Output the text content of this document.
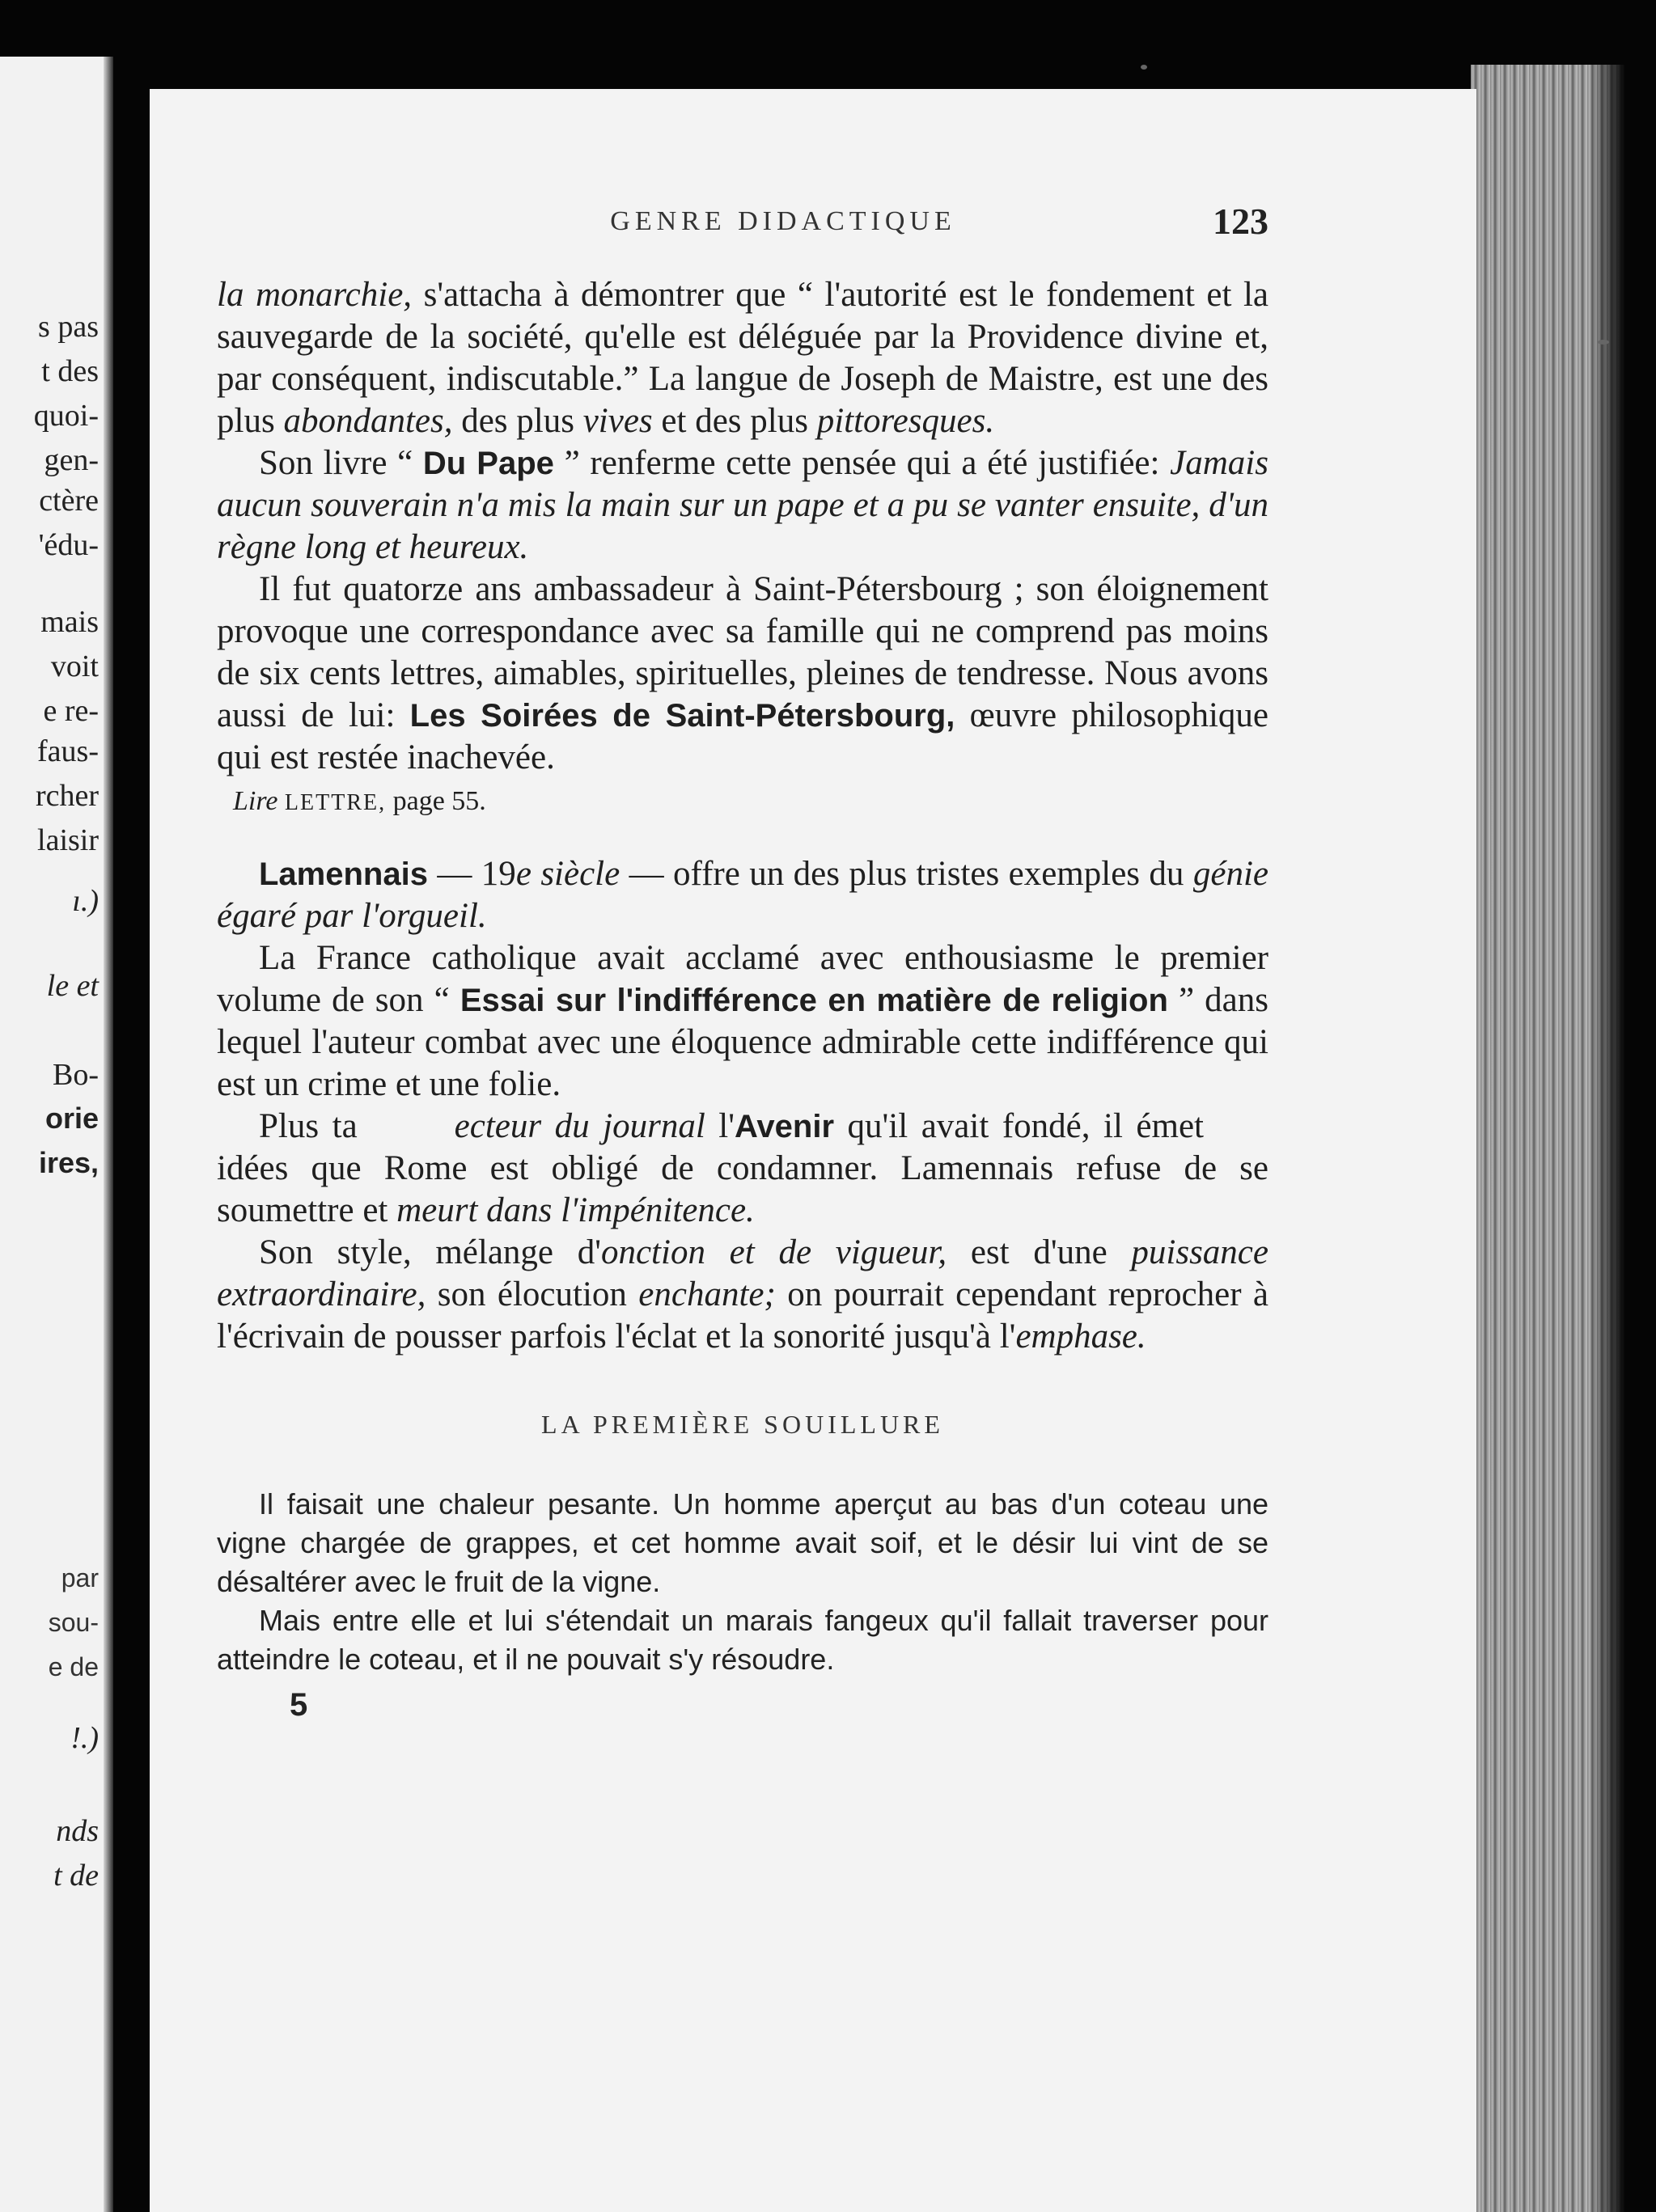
s pas
t des
quoi-
gen-
ctère
'édu-
mais
voit
e re-
faus-
rcher
laisir
ı.)
le et
Bo-
orie
ires,
par
sou-
e de
!.)
nds
t de
GENRE DIDACTIQUE	123

la monarchie, s'attacha à démontrer que “ l'autorité est le fondement et la sauvegarde de la société, qu'elle est déléguée par la Providence divine et, par conséquent, indiscutable.” La langue de Joseph de Maistre, est une des plus abondantes, des plus vives et des plus pittoresques.

Son livre “ Du Pape ” renferme cette pensée qui a été justifiée: Jamais aucun souverain n'a mis la main sur un pape et a pu se vanter ensuite, d'un règne long et heureux.

Il fut quatorze ans ambassadeur à Saint-Pétersbourg ; son éloignement provoque une correspondance avec sa famille qui ne comprend pas moins de six cents lettres, aimables, spirituelles, pleines de tendresse. Nous avons aussi de lui: Les Soirées de Saint-Pétersbourg, œuvre philosophique qui est restée inachevée.

Lire LETTRE, page 55.

Lamennais — 19e siècle — offre un des plus tristes exemples du génie égaré par l'orgueil.

La France catholique avait acclamé avec enthousiasme le premier volume de son “ Essai sur l'indifférence en matière de religion ” dans lequel l'auteur combat avec une éloquence admirable cette indifférence qui est un crime et une folie.

Plus ta	ecteur du journal l'Avenir qu'il avait fondé, il émet idées que Rome est obligé de condamner. Lamennais refuse de se soumettre et meurt dans l'impénitence.

Son style, mélange d'onction et de vigueur, est d'une puissance extraordinaire, son élocution enchante; on pourrait cependant reprocher à l'écrivain de pousser parfois l'éclat et la sonorité jusqu'à l'emphase.

LA PREMIÈRE SOUILLURE

Il faisait une chaleur pesante. Un homme aperçut au bas d'un coteau une vigne chargée de grappes, et cet homme avait soif, et le désir lui vint de se désaltérer avec le fruit de la vigne.

Mais entre elle et lui s'étendait un marais fangeux qu'il fallait traverser pour atteindre le coteau, et il ne pouvait s'y résoudre.

5
